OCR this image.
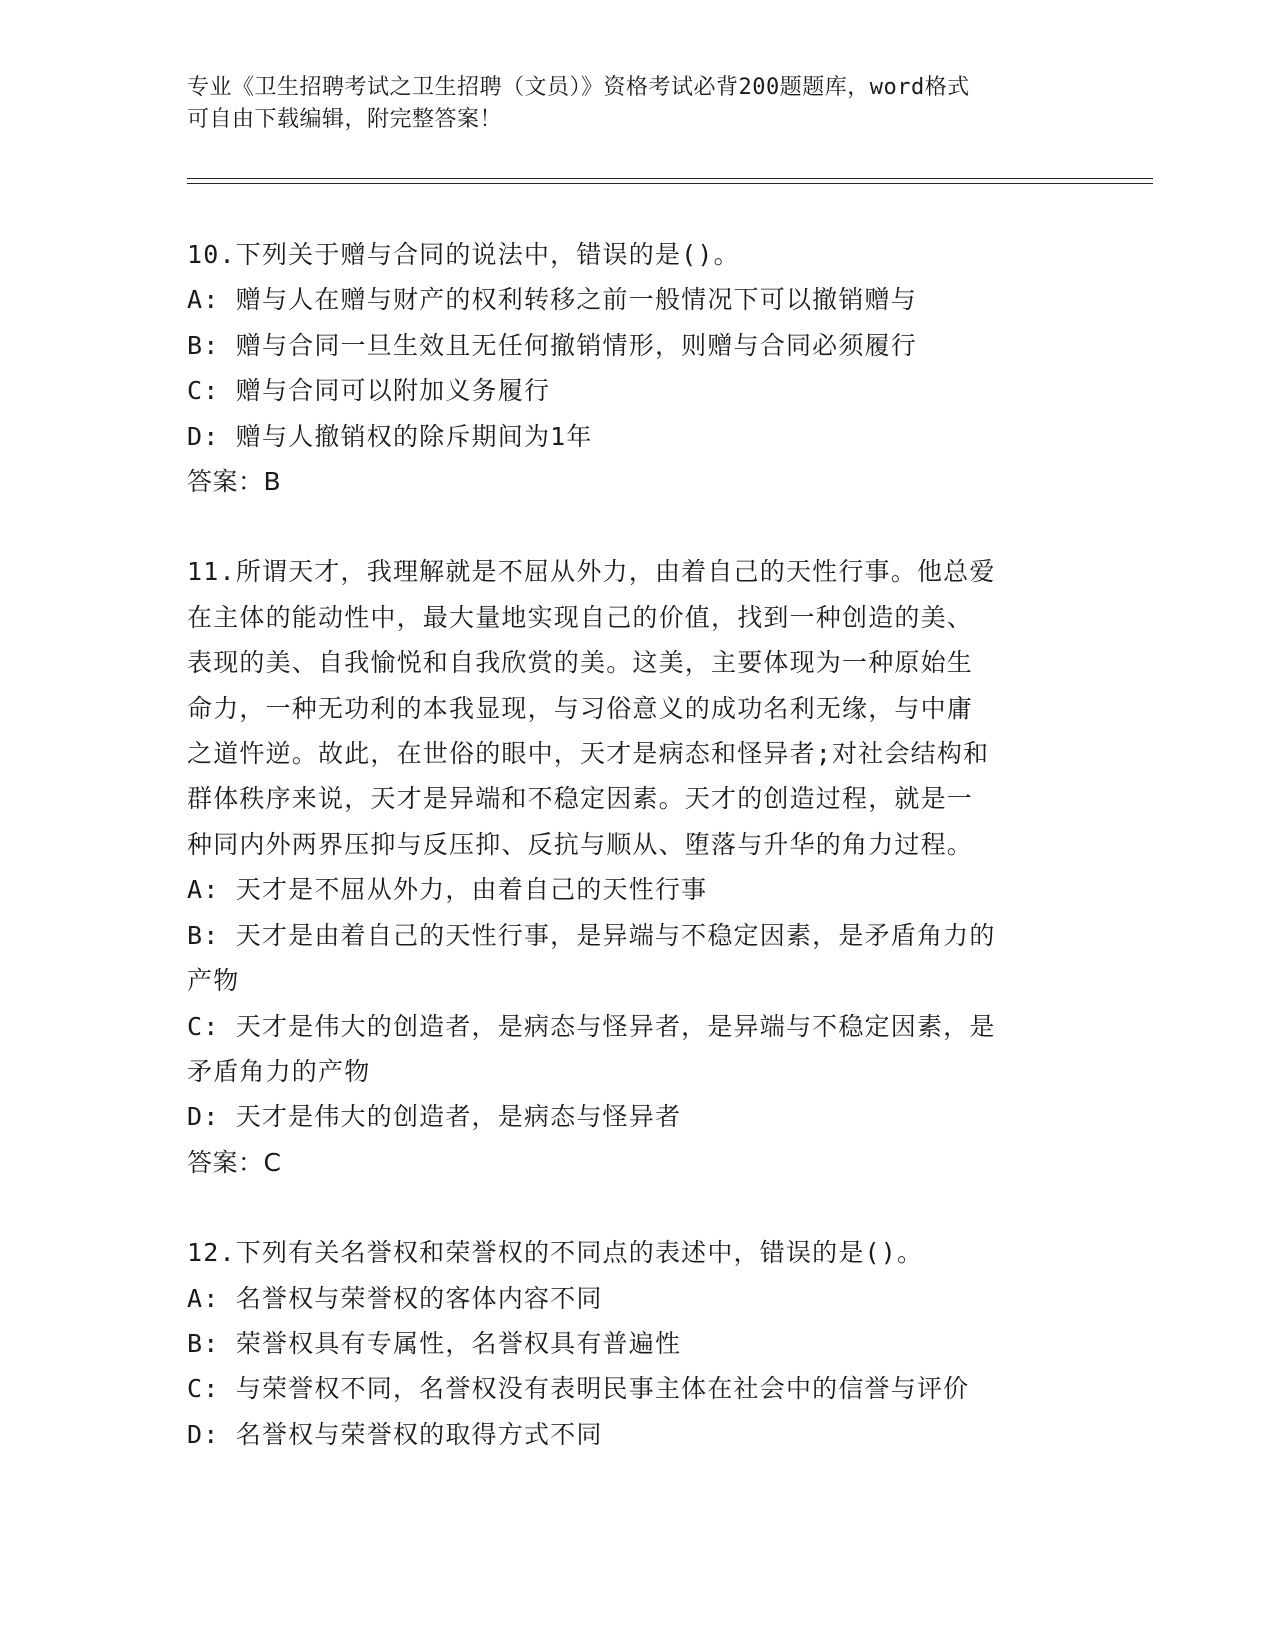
专业《卫生招聘考试之卫生招聘（文员）》资格考试必背200题题库，word格式
可自由下载编辑，附完整答案！
10.下列关于赠与合同的说法中，错误的是()。
A: 赠与人在赠与财产的权利转移之前一般情况下可以撤销赠与
B: 赠与合同一旦生效且无任何撤销情形，则赠与合同必须履行
C: 赠与合同可以附加义务履行
D: 赠与人撤销权的除斥期间为1年
答案：B
11.所谓天才，我理解就是不屈从外力，由着自己的天性行事。他总爱
在主体的能动性中，最大量地实现自己的价值，找到一种创造的美、
表现的美、自我愉悦和自我欣赏的美。这美，主要体现为一种原始生
命力，一种无功利的本我显现，与习俗意义的成功名利无缘，与中庸
之道忤逆。故此，在世俗的眼中，天才是病态和怪异者;对社会结构和
群体秩序来说，天才是异端和不稳定因素。天才的创造过程，就是一
种同内外两界压抑与反压抑、反抗与顺从、堕落与升华的角力过程。
A: 天才是不屈从外力，由着自己的天性行事
B: 天才是由着自己的天性行事，是异端与不稳定因素，是矛盾角力的
产物
C: 天才是伟大的创造者，是病态与怪异者，是异端与不稳定因素，是
矛盾角力的产物
D: 天才是伟大的创造者，是病态与怪异者
答案：C
12.下列有关名誉权和荣誉权的不同点的表述中，错误的是()。
A: 名誉权与荣誉权的客体内容不同
B: 荣誉权具有专属性，名誉权具有普遍性
C: 与荣誉权不同，名誉权没有表明民事主体在社会中的信誉与评价
D: 名誉权与荣誉权的取得方式不同
